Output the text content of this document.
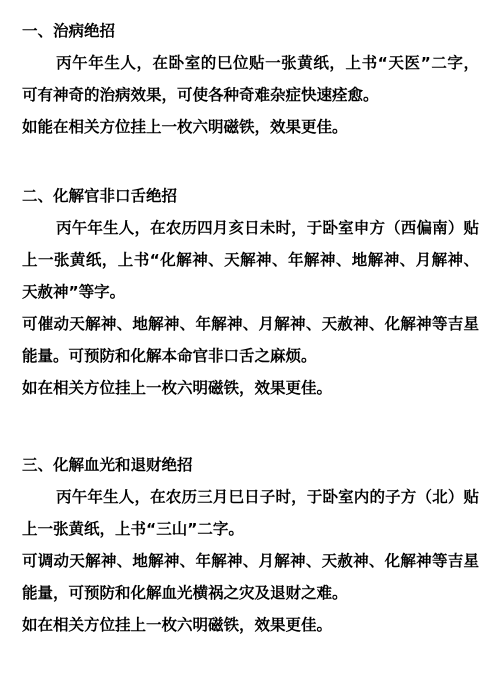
一、治病绝招

丙午年生人，在卧室的巳位贴一张黄纸，上书“天医”二字，可有神奇的治病效果，可使各种奇难杂症快速痊愈。

如能在相关方位挂上一枚六明磁铁，效果更佳。

二、化解官非口舌绝招

丙午年生人，在农历四月亥日未时，于卧室申方（西偏南）贴上一张黄纸，上书“化解神、天解神、年解神、地解神、月解神、天赦神”等字。

可催动天解神、地解神、年解神、月解神、天赦神、化解神等吉星能量。可预防和化解本命官非口舌之麻烦。

如在相关方位挂上一枚六明磁铁，效果更佳。

三、化解血光和退财绝招

丙午年生人，在农历三月巳日子时，于卧室内的子方（北）贴上一张黄纸，上书“三山”二字。

可调动天解神、地解神、年解神、月解神、天赦神、化解神等吉星能量，可预防和化解血光横祸之灾及退财之难。

如在相关方位挂上一枚六明磁铁，效果更佳。
